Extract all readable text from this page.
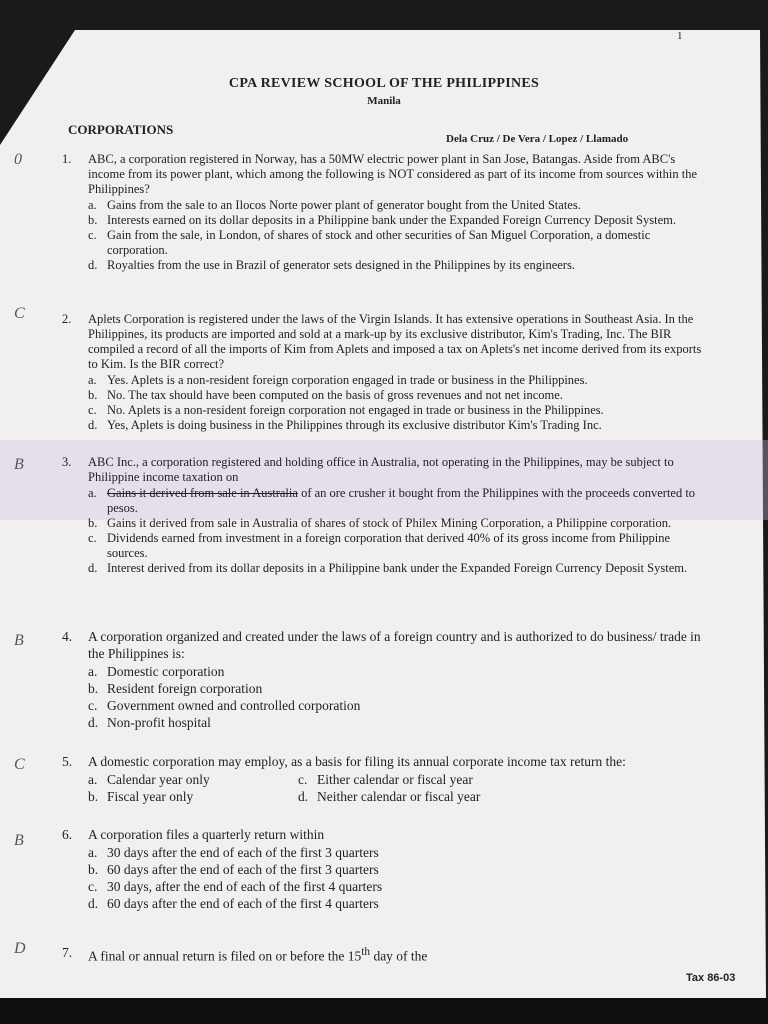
1
CPA REVIEW SCHOOL OF THE PHILIPPINES
Manila
CORPORATIONS
Dela Cruz / De Vera / Lopez / Llamado
0	1.	ABC, a corporation registered in Norway, has a 50MW electric power plant in San Jose, Batangas. Aside from ABC's income from its power plant, which among the following is NOT considered as part of its income from sources within the Philippines?
a. Gains from the sale to an Ilocos Norte power plant of generator bought from the United States.
b. Interests earned on its dollar deposits in a Philippine bank under the Expanded Foreign Currency Deposit System.
c. Gain from the sale, in London, of shares of stock and other securities of San Miguel Corporation, a domestic corporation.
d. Royalties from the use in Brazil of generator sets designed in the Philippines by its engineers.
C	2.	Aplets Corporation is registered under the laws of the Virgin Islands. It has extensive operations in Southeast Asia. In the Philippines, its products are imported and sold at a mark-up by its exclusive distributor, Kim's Trading, Inc. The BIR compiled a record of all the imports of Kim from Aplets and imposed a tax on Aplets's net income derived from its exports to Kim. Is the BIR correct?
a. Yes. Aplets is a non-resident foreign corporation engaged in trade or business in the Philippines.
b. No. The tax should have been computed on the basis of gross revenues and not net income.
c. No. Aplets is a non-resident foreign corporation not engaged in trade or business in the Philippines.
d. Yes, Aplets is doing business in the Philippines through its exclusive distributor Kim's Trading Inc.
B	3.	ABC Inc., a corporation registered and holding office in Australia, not operating in the Philippines, may be subject to Philippine income taxation on
a. Gains it derived from sale in Australia of an ore crusher it bought from the Philippines with the proceeds converted to pesos.
b. Gains it derived from sale in Australia of shares of stock of Philex Mining Corporation, a Philippine corporation.
c. Dividends earned from investment in a foreign corporation that derived 40% of its gross income from Philippine sources.
d. Interest derived from its dollar deposits in a Philippine bank under the Expanded Foreign Currency Deposit System.
B	4.	A corporation organized and created under the laws of a foreign country and is authorized to do business/ trade in the Philippines is:
a. Domestic corporation
b. Resident foreign corporation
c. Government owned and controlled corporation
d. Non-profit hospital
C	5.	A domestic corporation may employ, as a basis for filing its annual corporate income tax return the:
a. Calendar year only	c. Either calendar or fiscal year
b. Fiscal year only	d. Neither calendar or fiscal year
B	6.	A corporation files a quarterly return within
a. 30 days after the end of each of the first 3 quarters
b. 60 days after the end of each of the first 3 quarters
c. 30 days, after the end of each of the first 4 quarters
d. 60 days after the end of each of the first 4 quarters
D	7.	A final or annual return is filed on or before the 15th day of the
Tax 86-03
